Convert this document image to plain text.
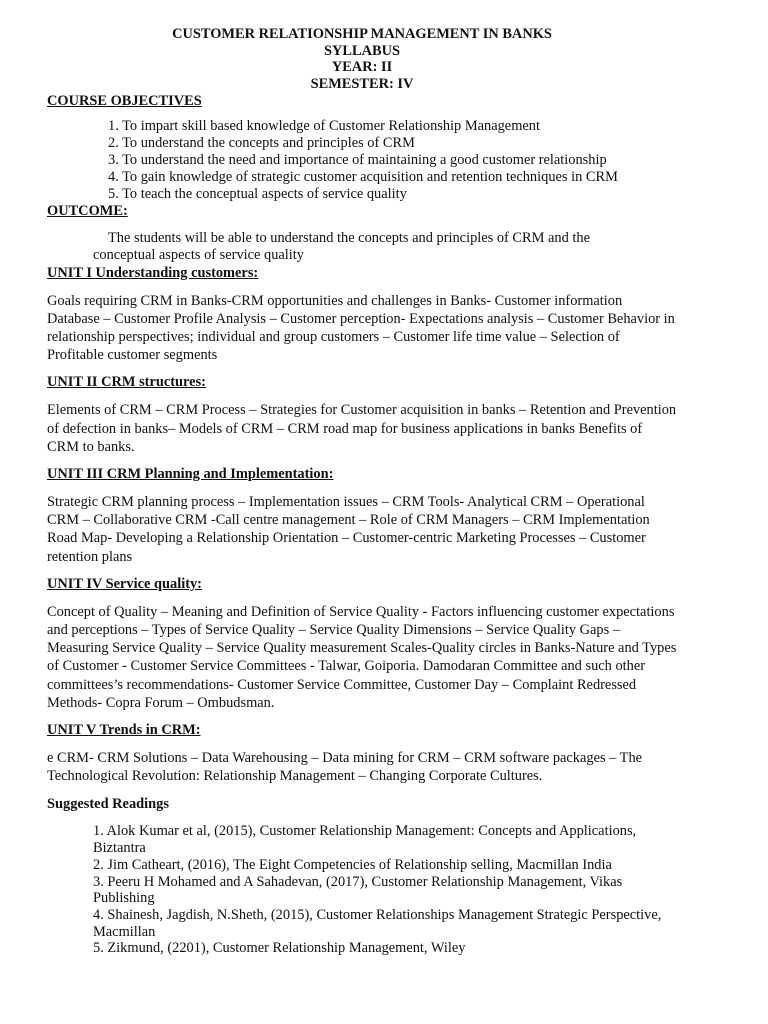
CUSTOMER RELATIONSHIP MANAGEMENT IN BANKS
SYLLABUS
YEAR: II
SEMESTER: IV
COURSE OBJECTIVES
1. To impart skill based knowledge of Customer Relationship Management
2. To understand the concepts and principles of CRM
3. To understand the need and importance of maintaining a good customer relationship
4. To gain knowledge of strategic customer acquisition and retention techniques in CRM
5. To teach the conceptual aspects of service quality
OUTCOME:
The students will be able to understand the concepts and principles of CRM and the
conceptual aspects of service quality
UNIT I Understanding customers:

Goals requiring CRM in Banks-CRM opportunities and challenges in Banks- Customer information Database – Customer Profile Analysis – Customer perception- Expectations analysis – Customer Behavior in relationship perspectives; individual and group customers – Customer life time value – Selection of Profitable customer segments

UNIT II CRM structures:

Elements of CRM – CRM Process – Strategies for Customer acquisition in banks – Retention and Prevention of defection in banks– Models of CRM – CRM road map for business applications in banks Benefits of CRM to banks.

UNIT III CRM Planning and Implementation:

Strategic CRM planning process – Implementation issues – CRM Tools- Analytical CRM – Operational CRM – Collaborative CRM -Call centre management – Role of CRM Managers – CRM Implementation Road Map- Developing a Relationship Orientation – Customer-centric Marketing Processes – Customer retention plans

UNIT IV Service quality:

Concept of Quality – Meaning and Definition of Service Quality - Factors influencing customer expectations and perceptions – Types of Service Quality – Service Quality Dimensions – Service Quality Gaps – Measuring Service Quality – Service Quality measurement Scales-Quality circles in Banks-Nature and Types of Customer - Customer Service Committees - Talwar, Goiporia. Damodaran Committee and such other committees’s recommendations- Customer Service Committee, Customer Day – Complaint Redressed Methods- Copra Forum – Ombudsman.

UNIT V Trends in CRM:

e CRM- CRM Solutions – Data Warehousing – Data mining for CRM – CRM software packages – The Technological Revolution: Relationship Management – Changing Corporate Cultures.

Suggested Readings
1. Alok Kumar et al, (2015), Customer Relationship Management: Concepts and Applications, Biztantra
2. Jim Catheart, (2016), The Eight Competencies of Relationship selling, Macmillan India
3. Peeru H Mohamed and A Sahadevan, (2017), Customer Relationship Management, Vikas Publishing
4. Shainesh, Jagdish, N.Sheth, (2015), Customer Relationships Management Strategic Perspective, Macmillan
5. Zikmund, (2201), Customer Relationship Management, Wiley
